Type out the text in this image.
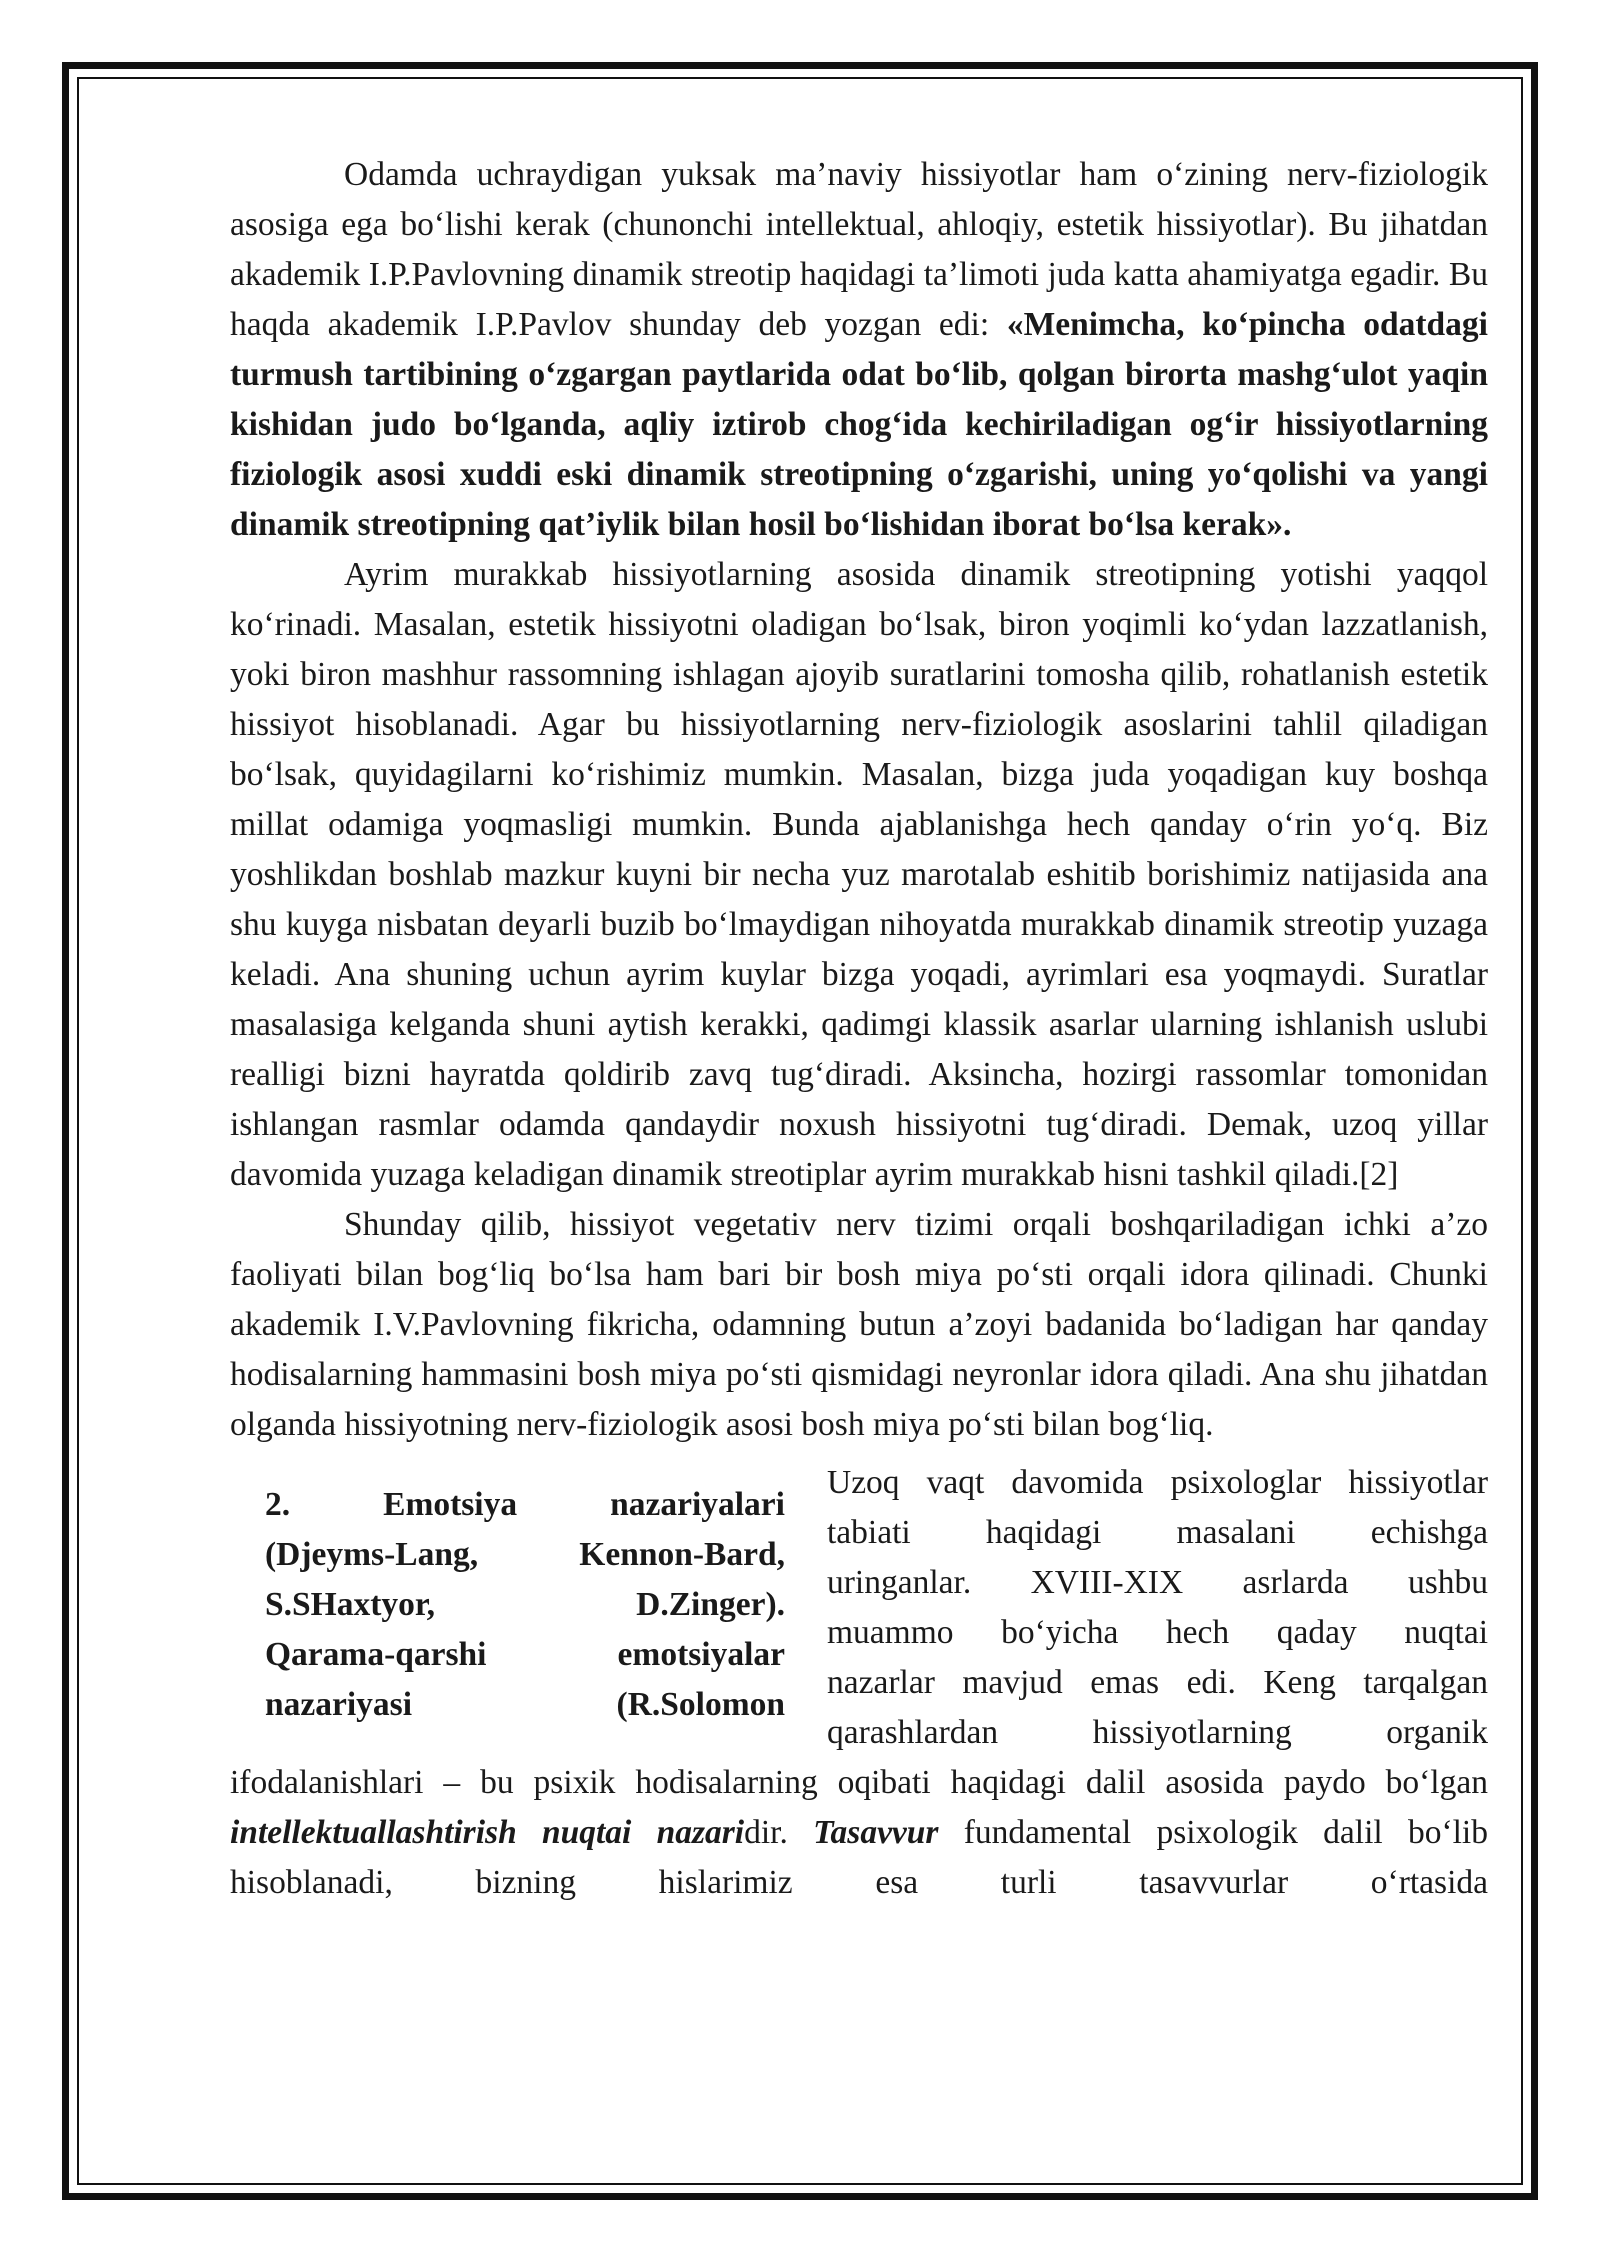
Odamda uchraydigan yuksak ma’naviy hissiyotlar ham o‘zining nerv-fiziologik asosiga ega bo‘lishi kerak (chunonchi intellektual, ahloqiy, estetik hissiyotlar). Bu jihatdan akademik I.P.Pavlovning dinamik streotip haqidagi ta’limoti juda katta ahamiyatga egadir. Bu haqda akademik I.P.Pavlov shunday deb yozgan edi: «Menimcha, ko‘pincha odatdagi turmush tartibining o‘zgargan paytlarida odat bo‘lib, qolgan birorta mashg‘ulot yaqin kishidan judo bo‘lganda, aqliy iztirob chog‘ida kechiriladigan og‘ir hissiyotlarning fiziologik asosi xuddi eski dinamik streotipning o‘zgarishi, uning yo‘qolishi va yangi dinamik streotipning qat’iylik bilan hosil bo‘lishidan iborat bo‘lsa kerak».

Ayrim murakkab hissiyotlarning asosida dinamik streotipning yotishi yaqqol ko‘rinadi. Masalan, estetik hissiyotni oladigan bo‘lsak, biron yoqimli ko‘ydan lazzatlanish, yoki biron mashhur rassomning ishlagan ajoyib suratlarini tomosha qilib, rohatlanish estetik hissiyot hisoblanadi. Agar bu hissiyotlarning nerv-fiziologik asoslarini tahlil qiladigan bo‘lsak, quyidagilarni ko‘rishimiz mumkin. Masalan, bizga juda yoqadigan kuy boshqa millat odamiga yoqmasligi mumkin. Bunda ajablanishga hech qanday o‘rin yo‘q. Biz yoshlikdan boshlab mazkur kuyni bir necha yuz marotalab eshitib borishimiz natijasida ana shu kuyga nisbatan deyarli buzib bo‘lmaydigan nihoyatda murakkab dinamik streotip yuzaga keladi. Ana shuning uchun ayrim kuylar bizga yoqadi, ayrimlari esa yoqmaydi. Suratlar masalasiga kelganda shuni aytish kerakki, qadimgi klassik asarlar ularning ishlanish uslubi realligi bizni hayratda qoldirib zavq tug‘diradi. Aksincha, hozirgi rassomlar tomonidan ishlangan rasmlar odamda qandaydir noxush hissiyotni tug‘diradi. Demak, uzoq yillar davomida yuzaga keladigan dinamik streotiplar ayrim murakkab hisni tashkil qiladi.[2]

Shunday qilib, hissiyot vegetativ nerv tizimi orqali boshqariladigan ichki a’zo faoliyati bilan bog‘liq bo‘lsa ham bari bir bosh miya po‘sti orqali idora qilinadi. Chunki akademik I.V.Pavlovning fikricha, odamning butun a’zoyi badanida bo‘ladigan har qanday hodisalarning hammasini bosh miya po‘sti qismidagi neyronlar idora qiladi. Ana shu jihatdan olganda hissiyotning nerv-fiziologik asosi bosh miya po‘sti bilan bog‘liq.

2. Emotsiya nazariyalari
(Djeyms-Lang, Kennon-Bard,
S.SHaxtyor, D.Zinger).
Qarama-qarshi emotsiyalar
nazariyasi (R.Solomon
Uzoq vaqt davomida psixologlar hissiyotlar
tabiati haqidagi masalani echishga
uringanlar. XVIII-XIX asrlarda ushbu
muammo bo‘yicha hech qaday nuqtai
nazarlar mavjud emas edi. Keng tarqalgan
qarashlardan hissiyotlarning organik

ifodalanishlari – bu psixik hodisalarning oqibati haqidagi dalil asosida paydo bo‘lgan intellektuallashtirish nuqtai nazaridir. Tasavvur fundamental psixologik dalil bo‘lib hisoblanadi, bizning hislarimiz esa turli tasavvurlar o‘rtasida
